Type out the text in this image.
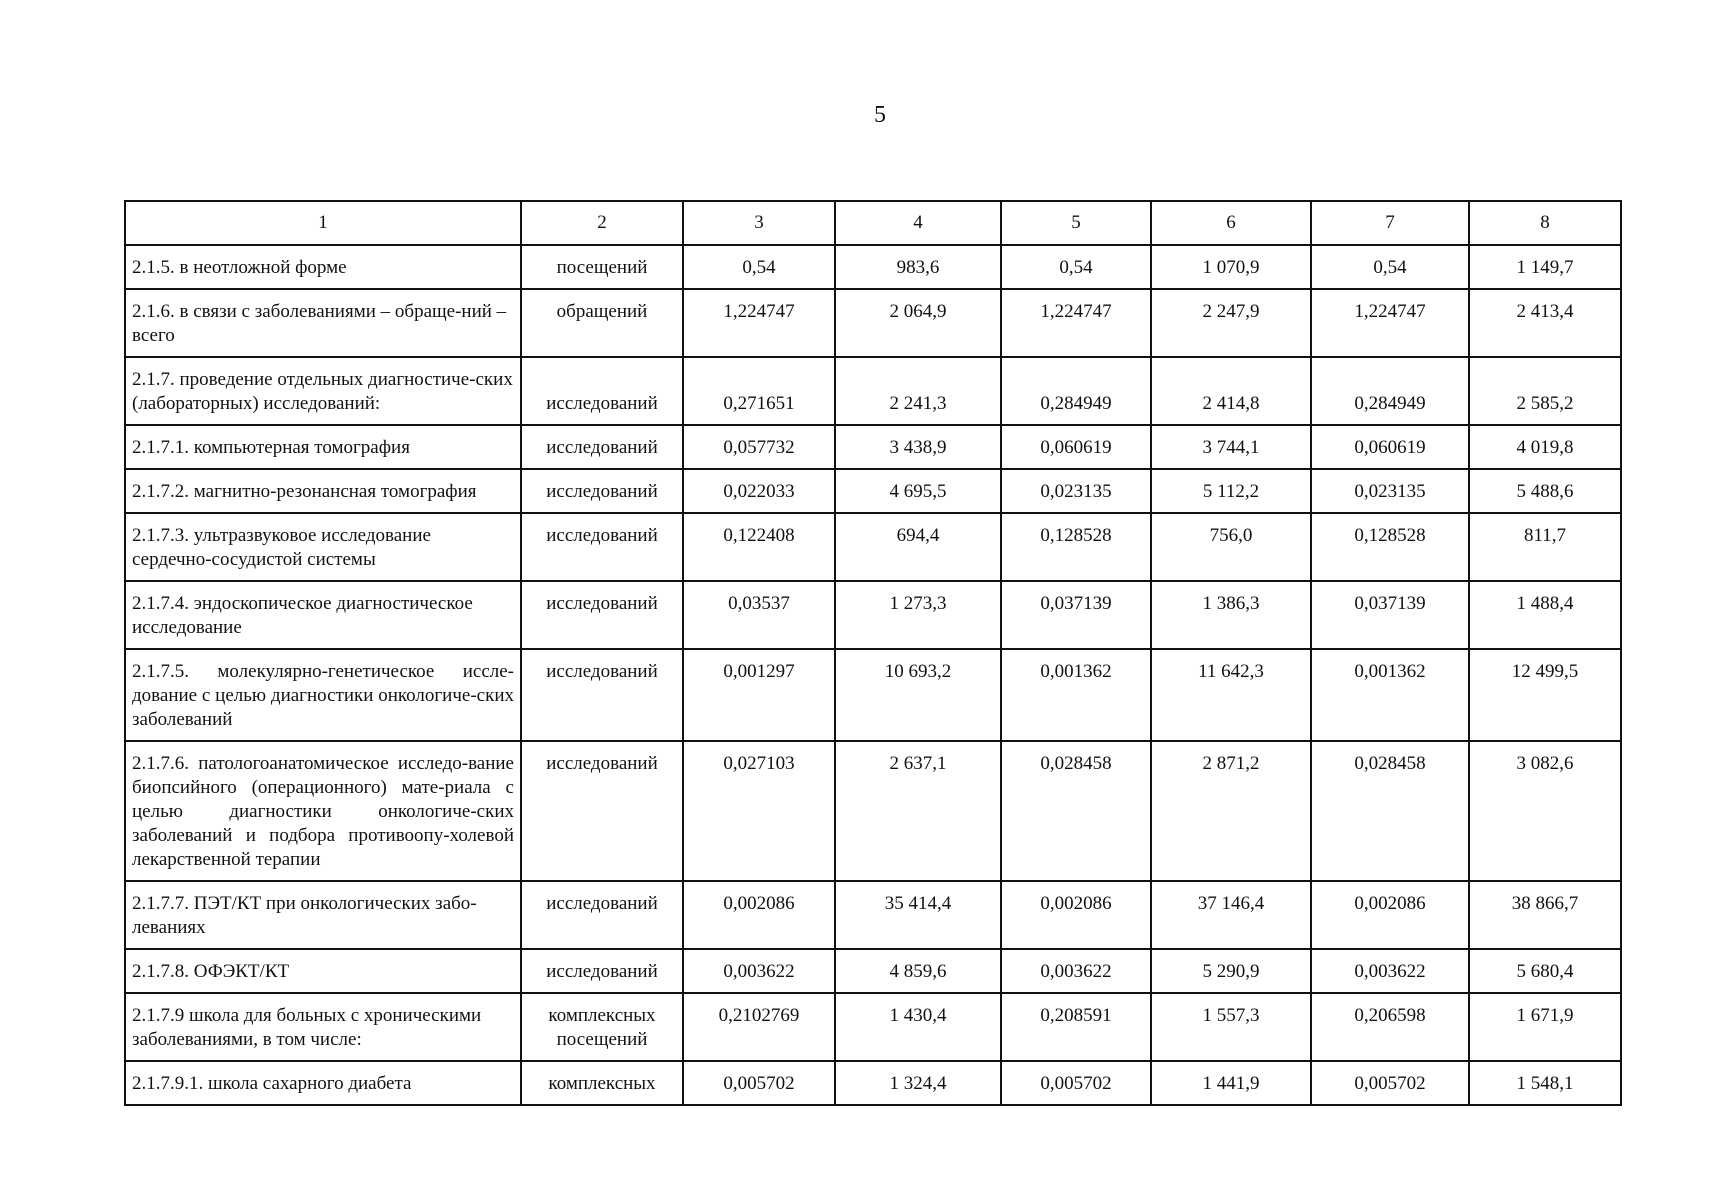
5
1	2	3	4	5	6	7	8
2.1.5. в неотложной форме	посещений	0,54	983,6	0,54	1 070,9	0,54	1 149,7
2.1.6. в связи с заболеваниями – обраще-ний – всего	обращений	1,224747	2 064,9	1,224747	2 247,9	1,224747	2 413,4
2.1.7. проведение отдельных диагностиче-ских (лабораторных) исследований:	исследований	0,271651	2 241,3	0,284949	2 414,8	0,284949	2 585,2
2.1.7.1. компьютерная томография	исследований	0,057732	3 438,9	0,060619	3 744,1	0,060619	4 019,8
2.1.7.2. магнитно-резонансная томография	исследований	0,022033	4 695,5	0,023135	5 112,2	0,023135	5 488,6
2.1.7.3. ультразвуковое исследование сердечно-сосудистой системы	исследований	0,122408	694,4	0,128528	756,0	0,128528	811,7
2.1.7.4. эндоскопическое диагностическое исследование	исследований	0,03537	1 273,3	0,037139	1 386,3	0,037139	1 488,4
2.1.7.5. молекулярно-генетическое иссле-дование с целью диагностики онкологиче-ских заболеваний	исследований	0,001297	10 693,2	0,001362	11 642,3	0,001362	12 499,5
2.1.7.6. патологоанатомическое исследо-вание биопсийного (операционного) мате-риала с целью диагностики онкологиче-ских заболеваний и подбора противоопу-холевой лекарственной терапии	исследований	0,027103	2 637,1	0,028458	2 871,2	0,028458	3 082,6
2.1.7.7. ПЭТ/КТ при онкологических забо-леваниях	исследований	0,002086	35 414,4	0,002086	37 146,4	0,002086	38 866,7
2.1.7.8. ОФЭКТ/КТ	исследований	0,003622	4 859,6	0,003622	5 290,9	0,003622	5 680,4
2.1.7.9 школа для больных с хроническими заболеваниями, в том числе:	комплексных посещений	0,2102769	1 430,4	0,208591	1 557,3	0,206598	1 671,9
2.1.7.9.1. школа сахарного диабета	комплексных	0,005702	1 324,4	0,005702	1 441,9	0,005702	1 548,1
